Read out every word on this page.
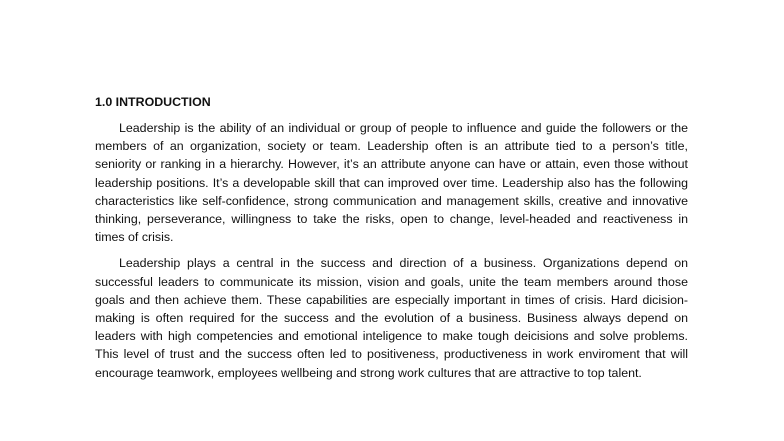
1.0 INTRODUCTION

Leadership is the ability of an individual or group of people to influence and guide the followers or the members of an organization, society or team. Leadership often is an attribute tied to a person’s title, seniority or ranking in a hierarchy. However, it’s an attribute anyone can have or attain, even those without leadership positions. It’s a developable skill that can improved over time. Leadership also has the following characteristics like self-confidence, strong communication and management skills, creative and innovative thinking, perseverance, willingness to take the risks, open to change, level-headed and reactiveness in times of crisis.

Leadership plays a central in the success and direction of a business. Organizations depend on successful leaders to communicate its mission, vision and goals, unite the team members around those goals and then achieve them. These capabilities are especially important in times of crisis. Hard dicision-making is often required for the success and the evolution of a business. Business always depend on leaders with high competencies and emotional inteligence to make tough deicisions and solve problems. This level of trust and the success often led to positiveness, productiveness in work enviroment that will encourage teamwork, employees wellbeing and strong work cultures that are attractive to top talent.
